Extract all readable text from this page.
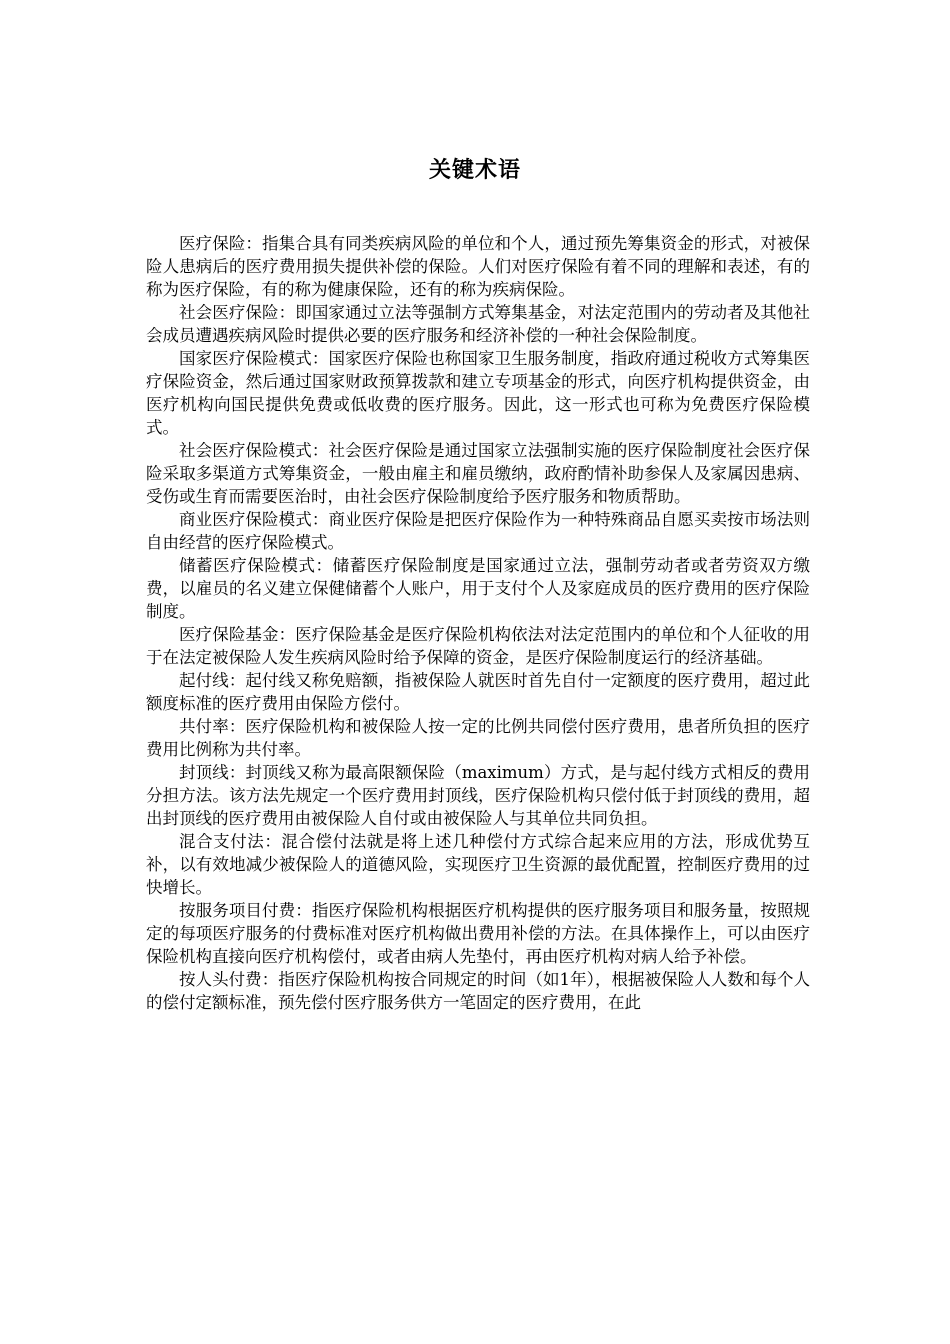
关键术语

医疗保险：指集合具有同类疾病风险的单位和个人，通过预先筹集资金的形式，对被保险人患病后的医疗费用损失提供补偿的保险。人们对医疗保险有着不同的理解和表述，有的称为医疗保险，有的称为健康保险，还有的称为疾病保险。

社会医疗保险：即国家通过立法等强制方式筹集基金，对法定范围内的劳动者及其他社会成员遭遇疾病风险时提供必要的医疗服务和经济补偿的一种社会保险制度。

国家医疗保险模式：国家医疗保险也称国家卫生服务制度，指政府通过税收方式筹集医疗保险资金，然后通过国家财政预算拨款和建立专项基金的形式，向医疗机构提供资金，由医疗机构向国民提供免费或低收费的医疗服务。因此，这一形式也可称为免费医疗保险模式。

社会医疗保险模式：社会医疗保险是通过国家立法强制实施的医疗保险制度社会医疗保险采取多渠道方式筹集资金，一般由雇主和雇员缴纳，政府酌情补助参保人及家属因患病、受伤或生育而需要医治时，由社会医疗保险制度给予医疗服务和物质帮助。

商业医疗保险模式：商业医疗保险是把医疗保险作为一种特殊商品自愿买卖按市场法则自由经营的医疗保险模式。

储蓄医疗保险模式：储蓄医疗保险制度是国家通过立法，强制劳动者或者劳资双方缴费，以雇员的名义建立保健储蓄个人账户，用于支付个人及家庭成员的医疗费用的医疗保险制度。

医疗保险基金：医疗保险基金是医疗保险机构依法对法定范围内的单位和个人征收的用于在法定被保险人发生疾病风险时给予保障的资金，是医疗保险制度运行的经济基础。

起付线：起付线又称免赔额，指被保险人就医时首先自付一定额度的医疗费用，超过此额度标准的医疗费用由保险方偿付。

共付率：医疗保险机构和被保险人按一定的比例共同偿付医疗费用，患者所负担的医疗费用比例称为共付率。

封顶线：封顶线又称为最高限额保险（maximum）方式，是与起付线方式相反的费用分担方法。该方法先规定一个医疗费用封顶线，医疗保险机构只偿付低于封顶线的费用，超出封顶线的医疗费用由被保险人自付或由被保险人与其单位共同负担。

混合支付法：混合偿付法就是将上述几种偿付方式综合起来应用的方法，形成优势互补，以有效地减少被保险人的道德风险，实现医疗卫生资源的最优配置，控制医疗费用的过快增长。

按服务项目付费：指医疗保险机构根据医疗机构提供的医疗服务项目和服务量，按照规定的每项医疗服务的付费标准对医疗机构做出费用补偿的方法。在具体操作上，可以由医疗保险机构直接向医疗机构偿付，或者由病人先垫付，再由医疗机构对病人给予补偿。

按人头付费：指医疗保险机构按合同规定的时间（如1年），根据被保险人人数和每个人的偿付定额标准，预先偿付医疗服务供方一笔固定的医疗费用，在此
